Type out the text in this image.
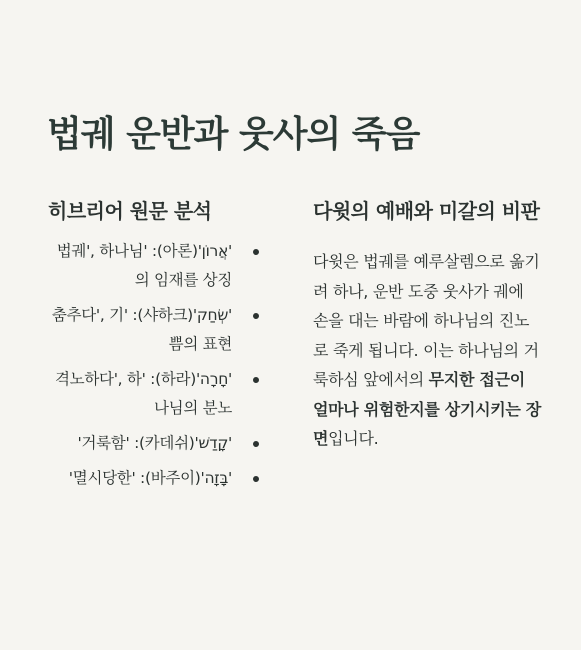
법궤 운반과 웃사의 죽음
히브리어 원문 분석
'אֲרוֹן'(아론): '법궤', 하나님의 임재를 상징
'שְׂחַק'(샤하크): '춤추다', 기쁨의 표현
'חָרָה'(하라): '격노하다', 하나님의 분노
'קָדַשׁ'(카데쉬): '거룩함'
'בָּזָה'(바주이): '멸시당한'
다윗의 예배와 미갈의 비판

다윗은 법궤를 예루살렘으로 옮기려 하나, 운반 도중 웃사가 궤에 손을 대는 바람에 하나님의 진노로 죽게 됩니다. 이는 하나님의 거룩하심 앞에서의 무지한 접근이 얼마나 위험한지를 상기시키는 장면입니다.
